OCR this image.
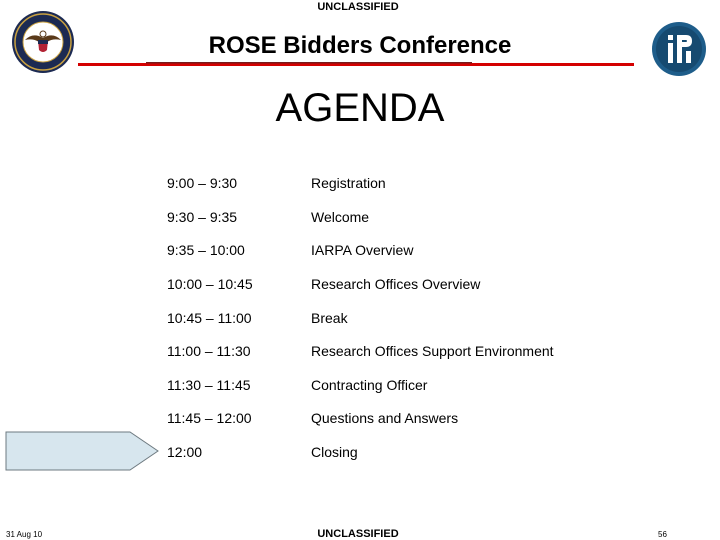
UNCLASSIFIED
ROSE Bidders Conference
AGENDA
9:00 – 9:30	Registration
9:30 – 9:35	Welcome
9:35 – 10:00	IARPA Overview
10:00 – 10:45	Research Offices Overview
10:45 – 11:00	Break
11:00 – 11:30	Research Offices Support Environment
11:30 – 11:45	Contracting Officer
11:45 – 12:00	Questions and Answers
12:00	Closing
31 Aug 10	UNCLASSIFIED	56
